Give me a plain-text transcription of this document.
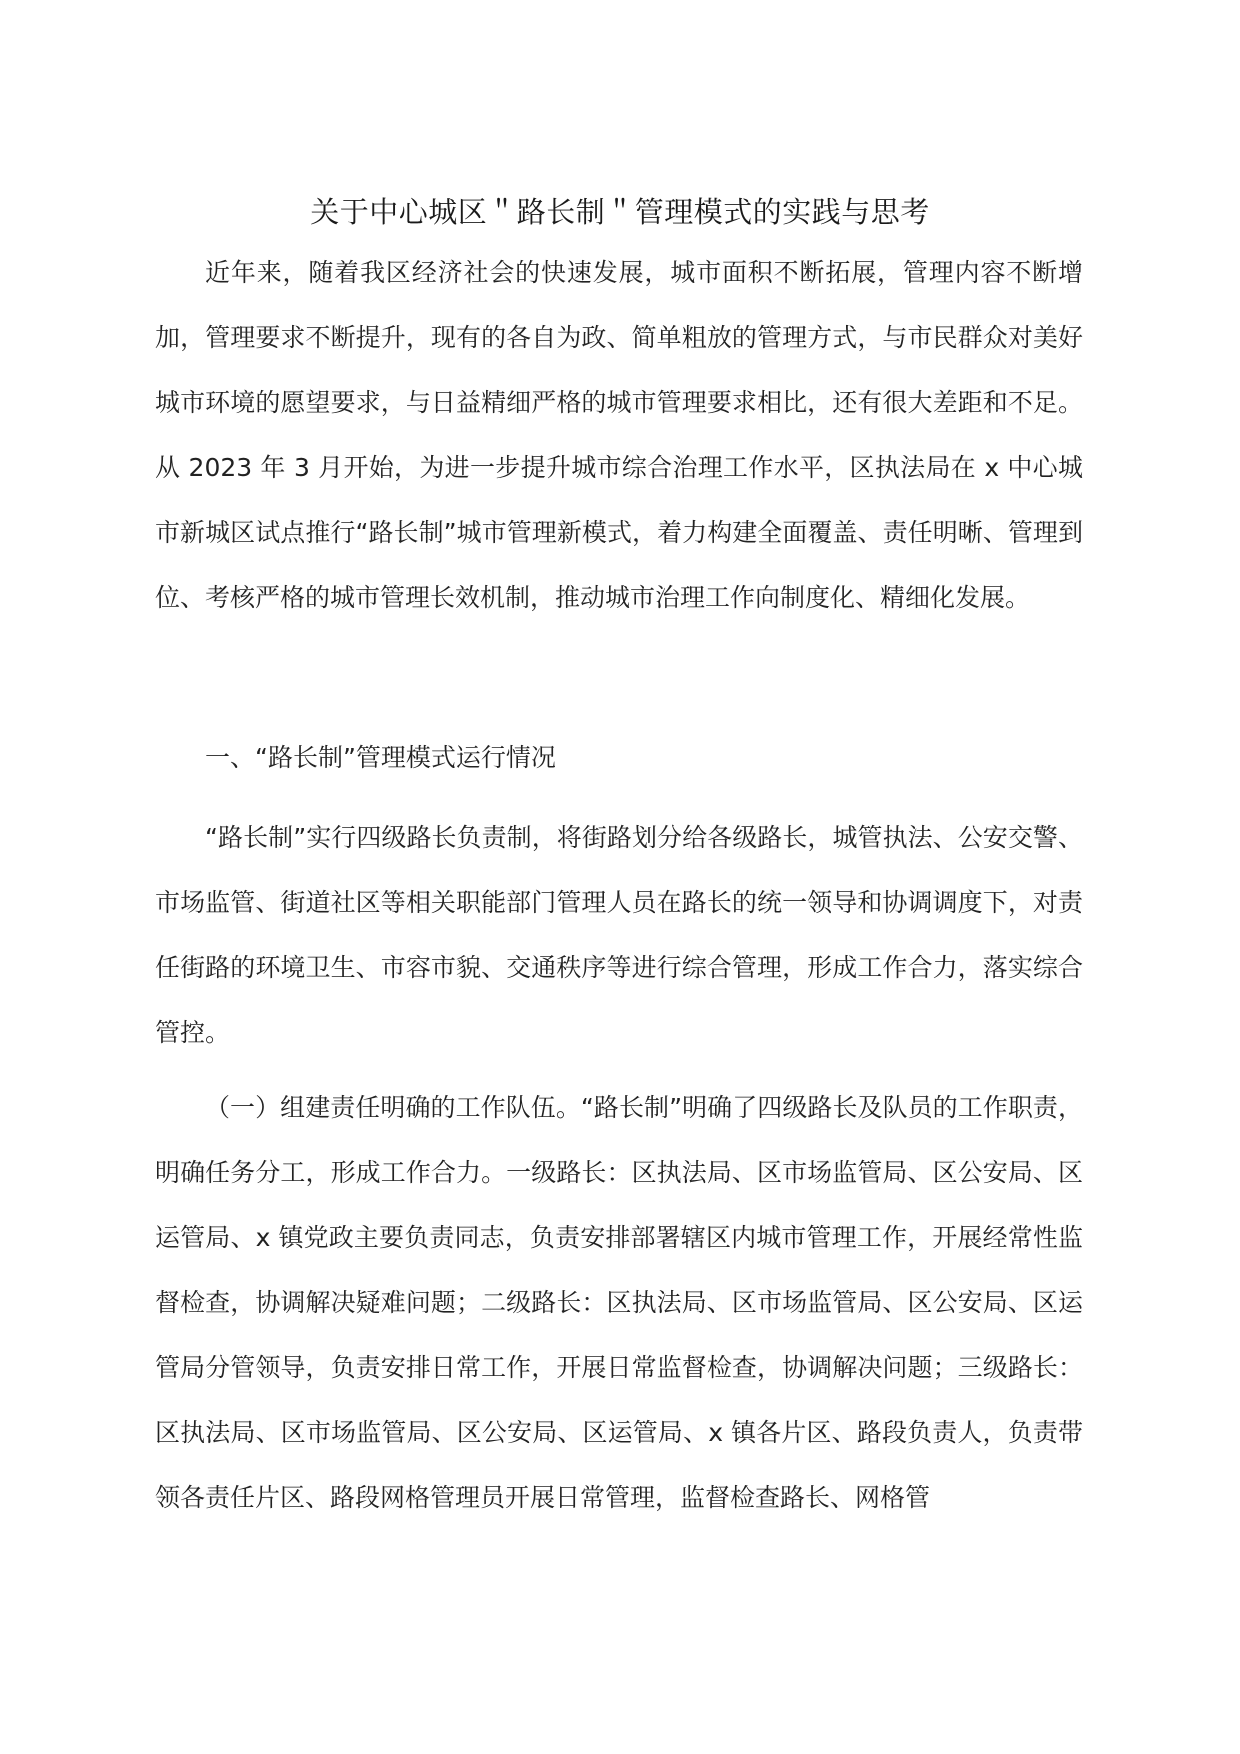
关于中心城区＂路长制＂管理模式的实践与思考

近年来，随着我区经济社会的快速发展，城市面积不断拓展，管理内容不断增加，管理要求不断提升，现有的各自为政、简单粗放的管理方式，与市民群众对美好城市环境的愿望要求，与日益精细严格的城市管理要求相比，还有很大差距和不足。从 2023 年 3 月开始，为进一步提升城市综合治理工作水平，区执法局在 x 中心城市新城区试点推行“路长制”城市管理新模式，着力构建全面覆盖、责任明晰、管理到位、考核严格的城市管理长效机制，推动城市治理工作向制度化、精细化发展。

一、“路长制”管理模式运行情况

“路长制”实行四级路长负责制，将街路划分给各级路长，城管执法、公安交警、市场监管、街道社区等相关职能部门管理人员在路长的统一领导和协调调度下，对责任街路的环境卫生、市容市貌、交通秩序等进行综合管理，形成工作合力，落实综合管控。

（一）组建责任明确的工作队伍。“路长制”明确了四级路长及队员的工作职责，明确任务分工，形成工作合力。一级路长：区执法局、区市场监管局、区公安局、区运管局、x 镇党政主要负责同志，负责安排部署辖区内城市管理工作，开展经常性监督检查，协调解决疑难问题；二级路长：区执法局、区市场监管局、区公安局、区运管局分管领导，负责安排日常工作，开展日常监督检查，协调解决问题；三级路长：区执法局、区市场监管局、区公安局、区运管局、x 镇各片区、路段负责人，负责带领各责任片区、路段网格管理员开展日常管理，监督检查路长、网格管
